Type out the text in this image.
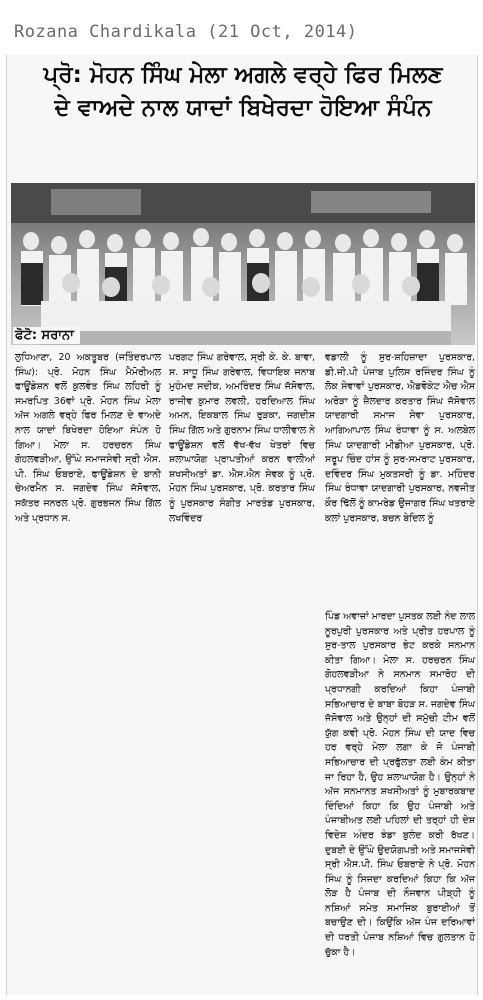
Rozana Chardikala (21 Oct, 2014)
ਪ੍ਰੋ: ਮੋਹਨ ਸਿੰਘ ਮੇਲਾ ਅਗਲੇ ਵਰ੍ਹੇ ਫਿਰ ਮਿਲਣ
ਦੇ ਵਾਅਦੇ ਨਾਲ ਯਾਦਾਂ ਬਿਖੇਰਦਾ ਹੋਇਆ ਸੰਪੰਨ
ਫੋਟੋ: ਸਰਾਨਾ

ਲੁਧਿਆਣਾ, 20 ਅਕਤੂਬਰ (ਜਤਿੰਦਰਪਾਲ ਸਿੰਘ): ਪ੍ਰੋ. ਮੋਹਨ ਸਿੰਘ ਮੈਮੋਰੀਅਲ ਫਾਊਂਡੇਸ਼ਨ ਵਲੋਂ ਕੁਲਵੰਤ ਸਿੰਘ ਲਹਿਰੀ ਨੂੰ ਸਮਰਪਿਤ 36ਵਾਂ ਪ੍ਰੋ. ਮੋਹਨ ਸਿੰਘ ਮੇਲਾ ਅੱਜ ਅਗਲੇ ਵਰ੍ਹੇ ਫਿਰ ਮਿਲਣ ਦੇ ਵਾਅਦੇ ਨਾਲ ਯਾਦਾਂ ਬਿਖੇਰਦਾ ਹੋਇਆ ਸੰਪੰਨ ਹੋ ਗਿਆ। ਮੇਲਾ ਸ. ਹਰਚਰਨ ਸਿੰਘ ਗੋਹਲਵੜੀਆ, ਉੱਘੇ ਸਮਾਜਸੇਵੀ ਸ੍ਰੀ ਐਸ. ਪੀ. ਸਿੰਘ ਓਬਰਾਏ, ਫਾਊਂਡੇਸ਼ਨ ਦੇ ਬਾਨੀ ਚੇਅਰਮੈਨ ਸ. ਜਗਦੇਵ ਸਿੰਘ ਜੱਸੋਵਾਲ, ਸਕੱਤਰ ਜਨਰਲ ਪ੍ਰੋ. ਗੁਰਭਜਨ ਸਿੰਘ ਗਿੱਲ ਅਤੇ ਪ੍ਰਧਾਨ ਸ.

ਪਰਗਟ ਸਿੰਘ ਗਰੇਵਾਲ, ਸ੍ਰੀ ਕੇ. ਕੇ. ਬਾਵਾ, ਸ. ਸਾਧੂ ਸਿੰਘ ਗਰੇਵਾਲ, ਵਿਧਾਇਕ ਜਨਾਬ ਮੁਹੰਮਦ ਸਦੀਕ, ਅਮਰਿੰਦਰ ਸਿੰਘ ਜੱਸੋਵਾਲ, ਰਾਜੀਵ ਕੁਮਾਰ ਲਵਲੀ, ਹਰਦਿਆਲ ਸਿੰਘ ਅਮਨ, ਇਕਬਾਲ ਸਿੰਘ ਰੁੜਕਾ, ਜਗਦੀਸ਼ ਸਿੰਘ ਗਿੱਲ ਅਤੇ ਗੁਰਨਾਮ ਸਿੰਘ ਧਾਲੀਵਾਲ ਨੇ ਫਾਊਂਡੇਸ਼ਨ ਵਲੋਂ ਵੱਖ-ਵੱਖ ਖੇਤਰਾਂ ਵਿਚ ਸ਼ਲਾਘਾਯੋਗ ਪ੍ਰਾਪਤੀਆਂ ਕਰਨ ਵਾਲੀਆਂ ਸ਼ਖਸੀਅਤਾਂ ਡਾ. ਐਸ.ਐਨ ਸੇਵਕ ਨੂੰ ਪ੍ਰੋ. ਮੋਹਨ ਸਿੰਘ ਪੁਰਸਕਾਰ, ਪ੍ਰੋ. ਕਰਤਾਰ ਸਿੰਘ ਨੂੰ ਪੁਰਸਕਾਰ ਸੰਗੀਤ ਮਾਰਤੰਡ ਪੁਰਸਕਾਰ, ਲਖਵਿੰਦਰ

ਵਡਾਲੀ ਨੂੰ ਸੁਰ-ਸ਼ਹਿਜ਼ਾਦਾ ਪੁਰਸਕਾਰ, ਡੀ.ਜੀ.ਪੀ ਪੰਜਾਬ ਪੁਲਿਸ ਰਜਿੰਦਰ ਸਿੰਘ ਨੂੰ ਲੋਕ ਸੇਵਾਵਾਂ ਪੁਰਸਕਾਰ, ਐਡਵੋਕੇਟ ਐਚ ਐਸ ਅਰੋੜਾ ਨੂੰ ਜ਼ੈਲਦਾਰ ਕਰਤਾਰ ਸਿੰਘ ਜੱਸੋਵਾਲ ਯਾਦਗਾਰੀ ਸਮਾਜ ਸੇਵਾ ਪੁਰਸਕਾਰ, ਆਗਿਆਪਾਲ ਸਿੰਘ ਰੰਧਾਵਾ ਨੂੰ ਸ. ਅਲਬੇਲ ਸਿੰਘ ਯਾਦਗਾਰੀ ਮੀਡੀਆ ਪੁਰਸਕਾਰ, ਪ੍ਰੋ. ਸਰੂਪ ਚਿੰਦ ਹਾਂਸ ਨੂੰ ਸੁਰ-ਸਮਰਾਟ ਪੁਰਸਕਾਰ, ਦਵਿੰਦਰ ਸਿੰਘ ਮੁਕਤਸਰੀ ਨੂੰ ਡਾ. ਮਹਿੰਦਰ ਸਿੰਘ ਰੰਧਾਵਾ ਯਾਦਗਾਰੀ ਪੁਰਸਕਾਰ, ਨਵਜੀਤ ਕੌਰ ਢਿੱਲੋਂ ਨੂੰ ਕਾਮਰੇਡ ਉਜਾਗਰ ਸਿੰਘ ਖਤਰਾਏ ਕਲਾਂ ਪੁਰਸਕਾਰ, ਬਚਨ ਬੇਦਿਲ ਨੂੰ

ਪਿੰਡ ਅਵਾਜ਼ਾਂ ਮਾਰਦਾ ਪੁਸਤਕ ਲਈ ਨੰਦ ਲਾਲ ਨੂਰਪੁਰੀ ਪੁਰਸਕਾਰ ਅਤੇ ਪ੍ਰੀਤ ਹਰਪਾਲ ਨੂੰ ਸੁਰ-ਤਾਲ ਪੁਰਸਕਾਰ ਭੇਟ ਕਰਕੇ ਸਨਮਾਨ ਕੀਤਾ ਗਿਆ। ਮੇਲਾ ਸ. ਹਰਚਰਨ ਸਿੰਘ ਗੋਹਲਵੜੀਆ ਨੇ ਸਨਮਾਨ ਸਮਾਰੋਹ ਦੀ ਪ੍ਰਧਾਨਗੀ ਕਰਦਿਆਂ ਕਿਹਾ ਪੰਜਾਬੀ ਸਭਿਆਚਾਰ ਦੇ ਬਾਬਾ ਬੋਹੜ ਸ. ਜਗਦੇਵ ਸਿੰਘ ਜੱਸੋਵਾਲ ਅਤੇ ਉਨ੍ਹਾਂ ਦੀ ਸਮੁੱਚੀ ਟੀਮ ਵਲੋਂ ਯੁੱਗ ਕਵੀ ਪ੍ਰੋ. ਮੋਹਨ ਸਿੰਘ ਦੀ ਯਾਦ ਵਿਚ ਹਰ ਵਰ੍ਹੇ ਮੇਲਾ ਲਗਾ ਕੇ ਜੋ ਪੰਜਾਬੀ ਸਭਿਆਚਾਰ ਦੀ ਪ੍ਰਫੁੱਲਤਾ ਲਈ ਕੰਮ ਕੀਤਾ ਜਾ ਰਿਹਾ ਹੈ, ਉਹ ਸ਼ਲਾਘਾਯੋਗ ਹੈ। ਉਨ੍ਹਾਂ ਨੇ ਅੱਜ ਸਨਮਾਨਤ ਸ਼ਖਸੀਅਤਾਂ ਨੂੰ ਮੁਬਾਰਕਬਾਦ ਦਿੰਦਿਆਂ ਕਿਹਾ ਕਿ ਉਹ ਪੰਜਾਬੀ ਅਤੇ ਪੰਜਾਬੀਅਤ ਲਈ ਪਹਿਲਾਂ ਦੀ ਤਰ੍ਹਾਂ ਹੀ ਦੇਸ਼ ਵਿਦੇਸ਼ ਅੰਦਰ ਝੰਡਾ ਬੁਲੰਦ ਕਰੀ ਰੱਖਣ। ਦੁਬਈ ਦੇ ਉੱਘੇ ਉਦਯੋਗਪਤੀ ਅਤੇ ਸਮਾਜਸੇਵੀ ਸ੍ਰੀ ਐਸ.ਪੀ. ਸਿੰਘ ਓਬਰਾਏ ਨੇ ਪ੍ਰੋ. ਮੋਹਨ ਸਿੰਘ ਨੂੰ ਸਿਜਦਾ ਕਰਦਿਆਂ ਕਿਹਾ ਕਿ ਅੱਜ ਲੋੜ ਹੈ ਪੰਜਾਬ ਦੀ ਨੌਜਵਾਨ ਪੀੜ੍ਹੀ ਨੂੰ ਨਸ਼ਿਆਂ ਸਮੇਤ ਸਮਾਜਿਕ ਬੁਰਾਈਆਂ ਤੋਂ ਬਚਾਉਣ ਦੀ। ਕਿਉਂਕਿ ਅੱਜ ਪੰਜ ਦਰਿਆਵਾਂ ਦੀ ਧਰਤੀ ਪੰਜਾਬ ਨਸ਼ਿਆਂ ਵਿਚ ਗੁਲਤਾਨ ਹੋ ਚੁੱਕਾ ਹੈ।
